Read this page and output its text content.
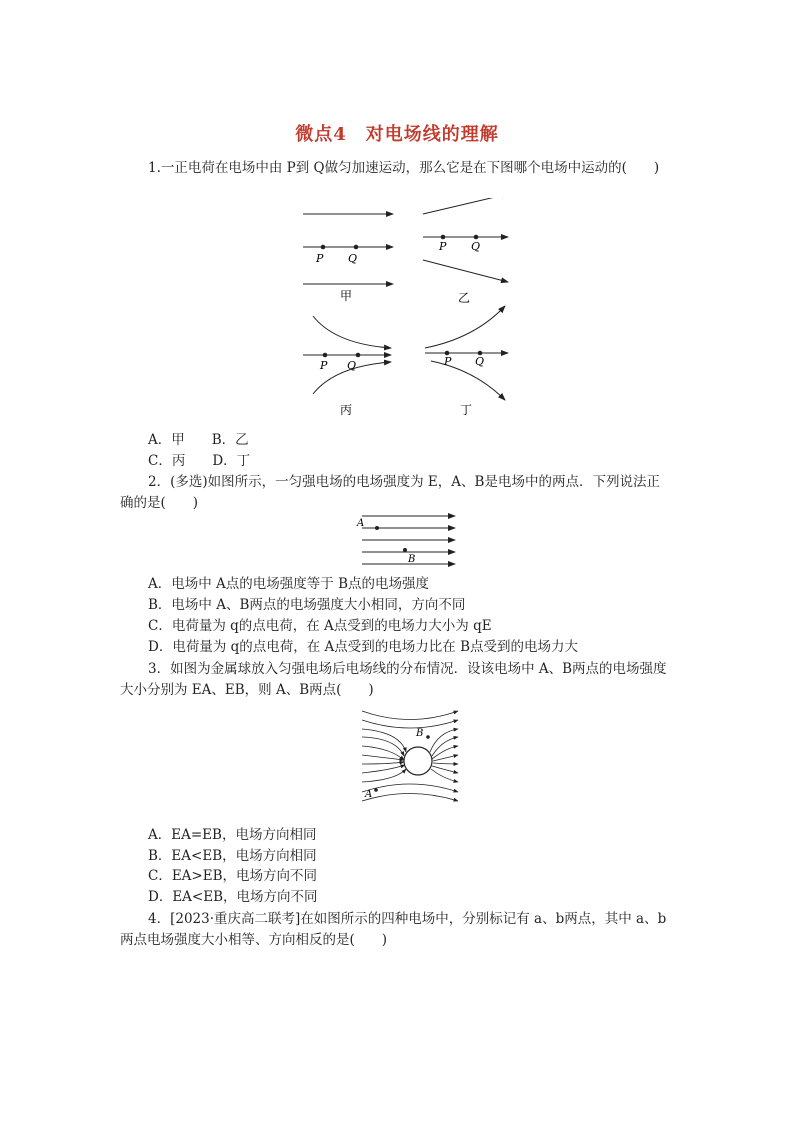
微点4　对电场线的理解
1.一正电荷在电场中由 P到 Q做匀加速运动，那么它是在下图哪个电场中运动的(　　)
P Q
甲
P Q
乙
P Q
丙
P Q
丁
A．甲　　B．乙
C．丙　　D．丁
2．(多选)如图所示，一匀强电场的电场强度为 E，A、B是电场中的两点．下列说法正
确的是(　　)
A
B
A．电场中 A点的电场强度等于 B点的电场强度
B．电场中 A、B两点的电场强度大小相同，方向不同
C．电荷量为 q的点电荷，在 A点受到的电场力大小为 qE
D．电荷量为 q的点电荷，在 A点受到的电场力比在 B点受到的电场力大
3．如图为金属球放入匀强电场后电场线的分布情况．设该电场中 A、B两点的电场强度
大小分别为 EA、EB，则 A、B两点(　　)
B
A
A．EA=EB，电场方向相同
B．EA<EB，电场方向相同
C．EA>EB，电场方向不同
D．EA<EB，电场方向不同
4．[2023·重庆高二联考]在如图所示的四种电场中，分别标记有 a、b两点，其中 a、b
两点电场强度大小相等、方向相反的是(　　)
